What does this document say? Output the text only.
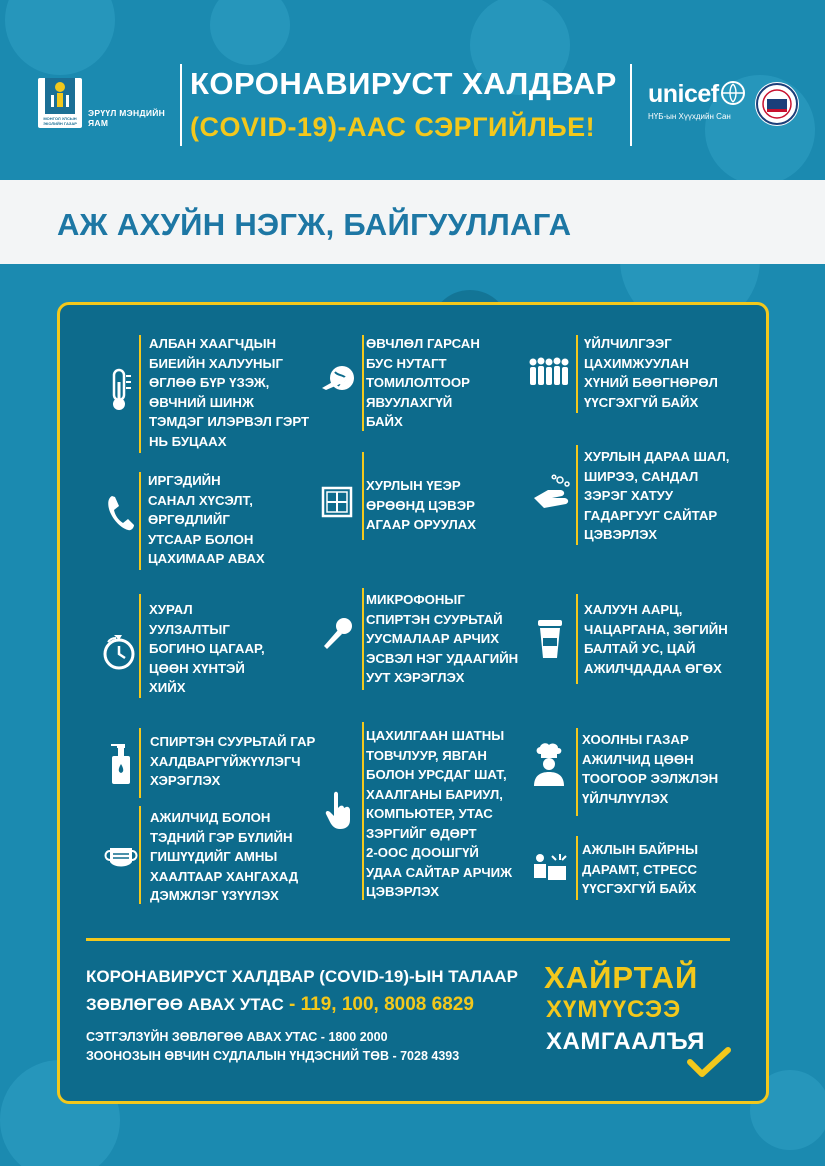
МОНГОЛ УЛСЫН ЭКОЛИЙН ГАЗАР
ЭРҮҮЛ МЭНДИЙН ЯАМ
КОРОНАВИРУСТ ХАЛДВАР
(COVID-19)-ААС СЭРГИЙЛЬЕ!
unicef
НҮБ-ын Хүүхдийн Сан
АЖ АХУЙН НЭГЖ, БАЙГУУЛЛАГА
АЛБАН ХААГЧДЫН
БИЕИЙН ХАЛУУНЫГ
ӨГЛӨӨ БҮР ҮЗЭЖ,
ӨВЧНИЙ ШИНЖ
ТЭМДЭГ ИЛЭРВЭЛ ГЭРТ
НЬ БУЦААХ
ӨВЧЛӨЛ ГАРСАН
БУС НУТАГТ
ТОМИЛОЛТООР
ЯВУУЛАХГҮЙ
БАЙХ
ҮЙЛЧИЛГЭЭГ
ЦАХИМЖУУЛАН
ХҮНИЙ БӨӨГНӨРӨЛ
ҮҮСГЭХГҮЙ БАЙХ
ИРГЭДИЙН
САНАЛ ХҮСЭЛТ,
ӨРГӨДЛИЙГ
УТСААР БОЛОН
ЦАХИМААР АВАХ
ХУРЛЫН ҮЕЭР
ӨРӨӨНД ЦЭВЭР
АГААР ОРУУЛАХ
ХУРЛЫН ДАРАА ШАЛ,
ШИРЭЭ, САНДАЛ
ЗЭРЭГ ХАТУУ
ГАДАРГУУГ САЙТАР
ЦЭВЭРЛЭХ
ХУРАЛ
УУЛЗАЛТЫГ
БОГИНО ЦАГААР,
ЦӨӨН ХҮНТЭЙ
ХИЙХ
МИКРОФОНЫГ
СПИРТЭН СУУРЬТАЙ
УУСМАЛААР АРЧИХ
ЭСВЭЛ НЭГ УДААГИЙН
УУТ ХЭРЭГЛЭХ
ХАЛУУН ААРЦ,
ЧАЦАРГАНА, ЗӨГИЙН
БАЛТАЙ УС, ЦАЙ
АЖИЛЧДАДАА ӨГӨХ
СПИРТЭН СУУРЬТАЙ ГАР
ХАЛДВАРГҮЙЖҮҮЛЭГЧ
ХЭРЭГЛЭХ
ЦАХИЛГААН ШАТНЫ
ТОВЧЛУУР, ЯВГАН
БОЛОН УРСДАГ ШАТ,
ХААЛГАНЫ БАРИУЛ,
КОМПЬЮТЕР, УТАС
ЗЭРГИЙГ ӨДӨРТ
2-ООС ДООШГҮЙ
УДАА САЙТАР АРЧИЖ
ЦЭВЭРЛЭХ
ХООЛНЫ ГАЗАР
АЖИЛЧИД ЦӨӨН
ТООГООР ЭЭЛЖЛЭН
ҮЙЛЧЛҮҮЛЭХ
АЖИЛЧИД БОЛОН
ТЭДНИЙ ГЭР БҮЛИЙН
ГИШҮҮДИЙГ АМНЫ
ХААЛТААР ХАНГАХАД
ДЭМЖЛЭГ ҮЗҮҮЛЭХ
АЖЛЫН БАЙРНЫ
ДАРАМТ, СТРЕСС
ҮҮСГЭХГҮЙ БАЙХ
КОРОНАВИРУСТ ХАЛДВАР (COVID-19)-ЫН ТАЛААР
ЗӨВЛӨГӨӨ АВАХ УТАС - 119, 100, 8008 6829
СЭТГЭЛЗҮЙН ЗӨВЛӨГӨӨ АВАХ УТАС - 1800 2000
ЗООНОЗЫН ӨВЧИН СУДЛАЛЫН ҮНДЭСНИЙ ТӨВ - 7028 4393
ХАЙРТАЙ
ХҮМҮҮСЭЭ
ХАМГААЛЪЯ
